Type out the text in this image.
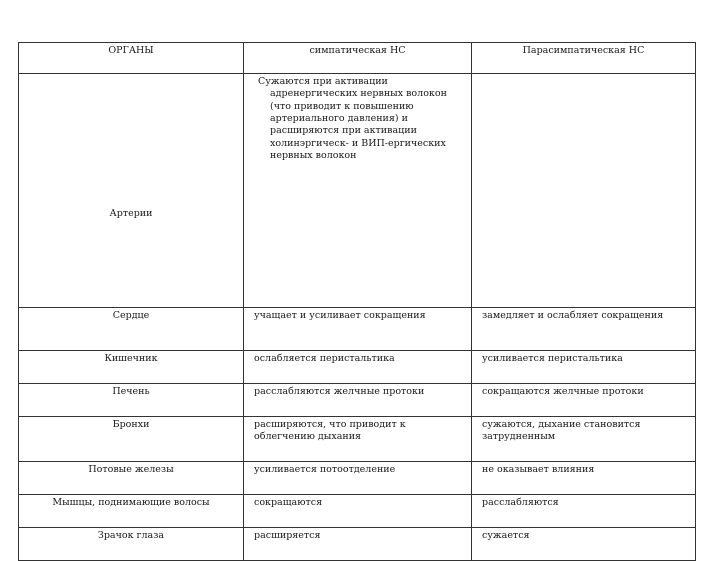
ОРГАНЫ	симпатическая НС	Парасимпатическая НС
Артерии	Сужаются при активации адренергических нервных волокон (что приводит к повышению артериального давления) и расширяются при активации холинэргическ- и ВИП-ергических нервных волокон	
Сердце	учащает и усиливает сокращения	замедляет и ослабляет сокращения
Кишечник	ослабляется перистальтика	усиливается перистальтика
Печень	расслабляются желчные протоки	сокращаются желчные протоки
Бронхи	расширяются, что приводит к облегчению дыхания	сужаются, дыхание становится затрудненным
Потовые железы	усиливается потоотделение	не оказывает влияния
Мышцы, поднимающие волосы	сокращаются	расслабляются
Зрачок глаза	расширяется	сужается
